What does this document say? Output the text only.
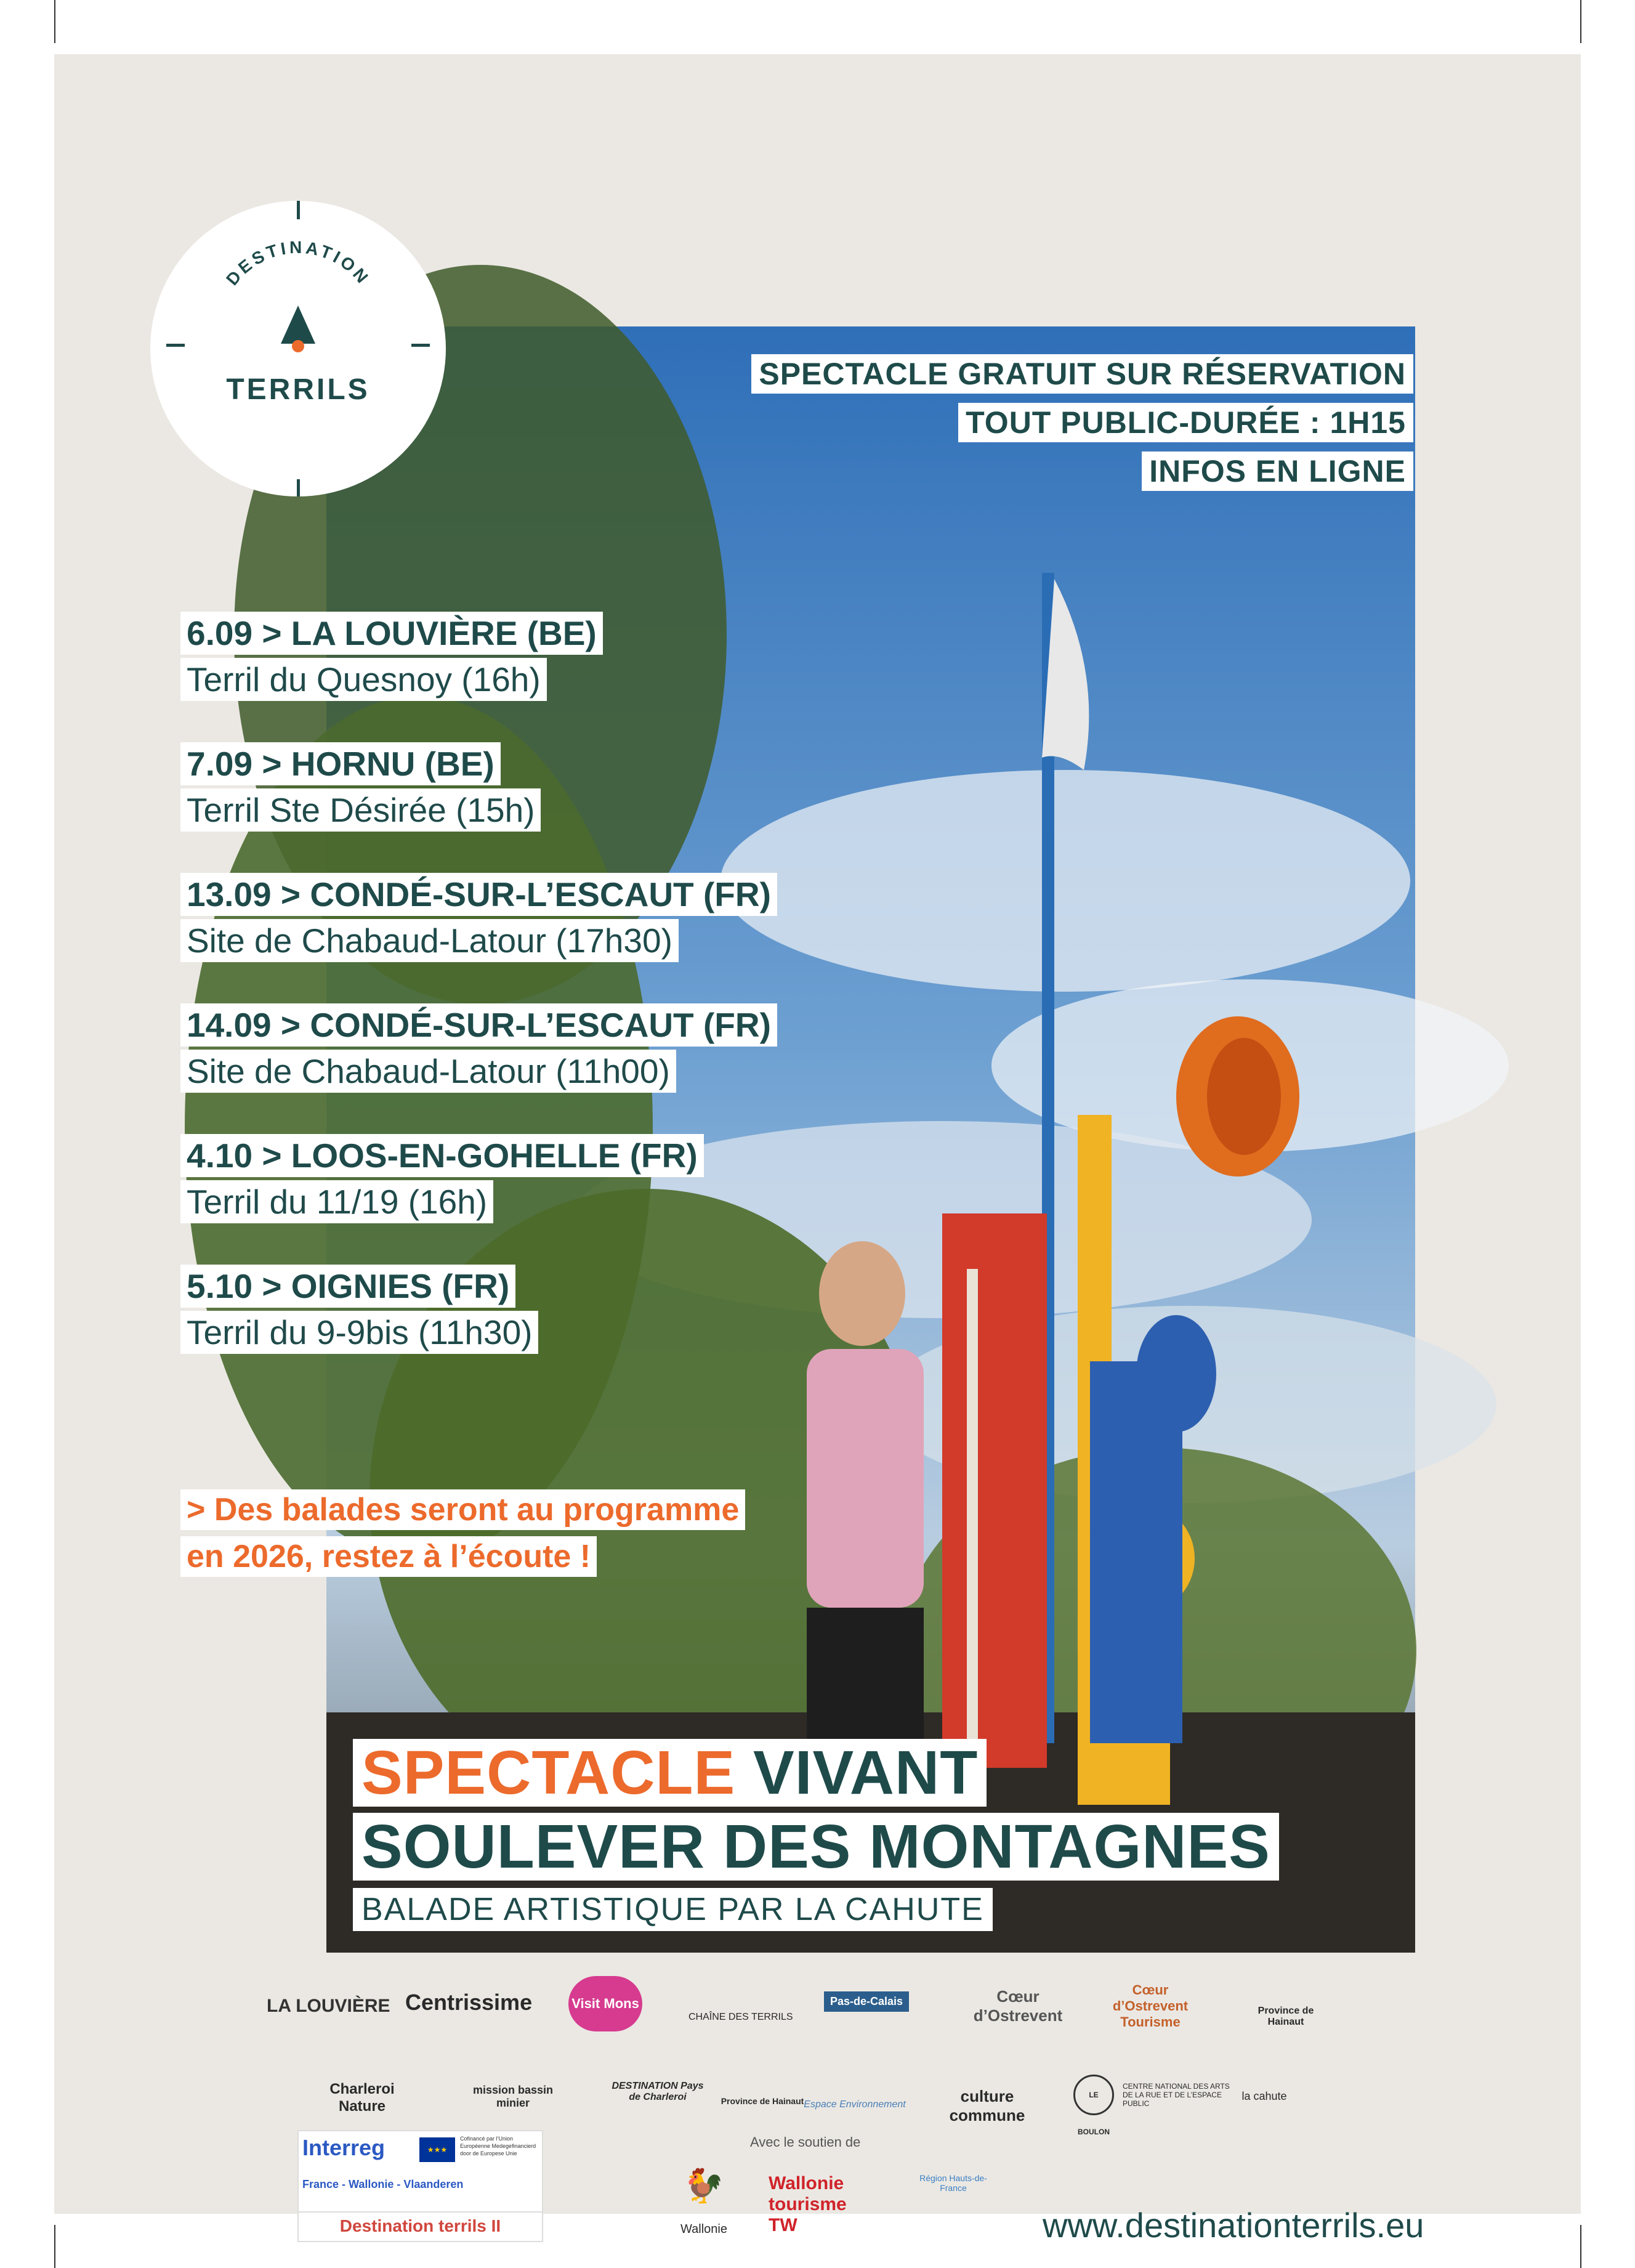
DESTINATION
TERRILS	SPECTACLE GRATUIT SUR RÉSERVATION
TOUT PUBLIC-DURÉE : 1H15
INFOS EN LIGNE
6.09 > LA LOUVIÈRE (BE)
Terril du Quesnoy (16h)
7.09 > HORNU (BE)
Terril Ste Désirée (15h)
13.09 > CONDÉ-SUR-L’ESCAUT (FR)
Site de Chabaud-Latour (17h30)
14.09 > CONDÉ-SUR-L’ESCAUT (FR)
Site de Chabaud-Latour (11h00)
4.10 > LOOS-EN-GOHELLE (FR)
Terril du 11/19 (16h)
5.10 > OIGNIES (FR)
Terril du 9-9bis (11h30)
> Des balades seront au programme
en 2026, restez à l’écoute !
SPECTACLE VIVANT
SOULEVER DES MONTAGNES
BALADE ARTISTIQUE PAR LA CAHUTE
LA LOUVIÈRE Centrissime	Visit Mons
CHAÎNE DES TERRILS
Pas-de-Calais	Cœur d’Ostrevent
Cœur d’Ostrevent Tourisme
Province de Hainaut
Charleroi Nature
mission bassin minier
DESTINATION Pays de Charleroi	Province de Hainaut Espace Environnement	culture commune
LE BOULON
CENTRE NATIONAL DES ARTS DE LA RUE ET DE L’ESPACE PUBLIC
la cahute
Interreg	★★★
Cofinancé par l’Union Européenne Medegefinancierd door de Europese Unie
France - Wallonie - Vlaanderen
Destination terrils II
Avec le soutien de
🐓
Wallonie
Wallonie tourisme TW
Région Hauts-de-France
www.destinationterrils.eu
